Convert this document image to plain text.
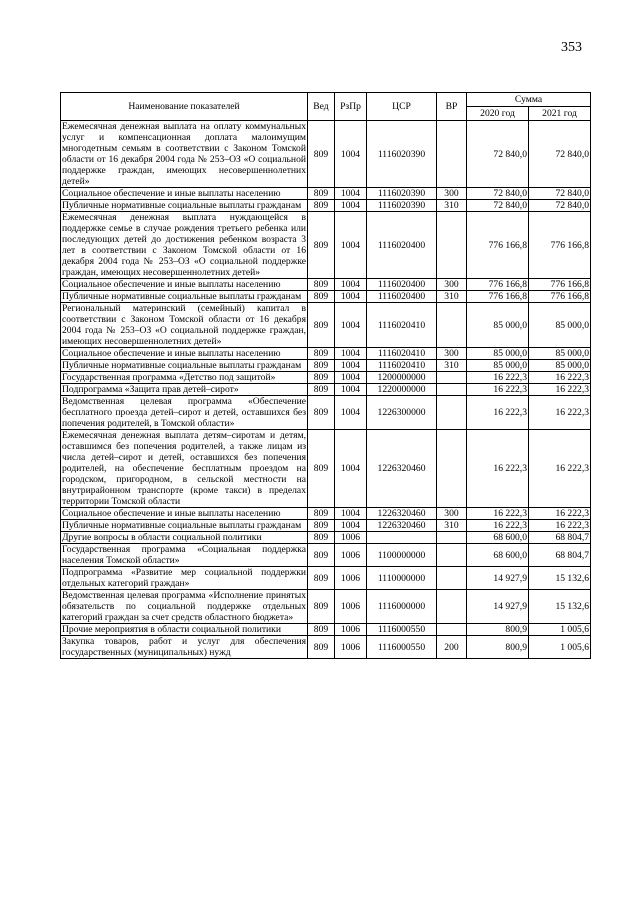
353
Наименование показателей	Вед	РзПр	ЦСР	ВР	Сумма	
					2020 год	2021 год
Ежемесячная денежная выплата на оплату коммунальных услуг и компенсационная доплата малоимущим многодетным семьям в соответствии с Законом Томской области от 16 декабря 2004 года № 253–ОЗ «О социальной поддержке граждан, имеющих несовершеннолетних детей»	809	1004	1116020390		72 840,0	72 840,0
Социальное обеспечение и иные выплаты населению	809	1004	1116020390	300	72 840,0	72 840,0
Публичные нормативные социальные выплаты гражданам	809	1004	1116020390	310	72 840,0	72 840,0
Ежемесячная денежная выплата нуждающейся в поддержке семье в случае рождения третьего ребенка или последующих детей до достижения ребенком возраста 3 лет в соответствии с Законом Томской области от 16 декабря 2004 года № 253–ОЗ «О социальной поддержке граждан, имеющих несовершеннолетних детей»	809	1004	1116020400		776 166,8	776 166,8
Социальное обеспечение и иные выплаты населению	809	1004	1116020400	300	776 166,8	776 166,8
Публичные нормативные социальные выплаты гражданам	809	1004	1116020400	310	776 166,8	776 166,8
Региональный материнский (семейный) капитал в соответствии с Законом Томской области от 16 декабря 2004 года № 253–ОЗ «О социальной поддержке граждан, имеющих несовершеннолетних детей»	809	1004	1116020410		85 000,0	85 000,0
Социальное обеспечение и иные выплаты населению	809	1004	1116020410	300	85 000,0	85 000,0
Публичные нормативные социальные выплаты гражданам	809	1004	1116020410	310	85 000,0	85 000,0
Государственная программа «Детство под защитой»	809	1004	1200000000		16 222,3	16 222,3
Подпрограмма «Защита прав детей–сирот»	809	1004	1220000000		16 222,3	16 222,3
Ведомственная целевая программа «Обеспечение бесплатного проезда детей–сирот и детей, оставшихся без попечения родителей, в Томской области»	809	1004	1226300000		16 222,3	16 222,3
Ежемесячная денежная выплата детям–сиротам и детям, оставшимся без попечения родителей, а также лицам из числа детей–сирот и детей, оставшихся без попечения родителей, на обеспечение бесплатным проездом на городском, пригородном, в сельской местности на внутрирайонном транспорте (кроме такси) в пределах территории Томской области	809	1004	1226320460		16 222,3	16 222,3
Социальное обеспечение и иные выплаты населению	809	1004	1226320460	300	16 222,3	16 222,3
Публичные нормативные социальные выплаты гражданам	809	1004	1226320460	310	16 222,3	16 222,3
Другие вопросы в области социальной политики	809	1006			68 600,0	68 804,7
Государственная программа «Социальная поддержка населения Томской области»	809	1006	1100000000		68 600,0	68 804,7
Подпрограмма «Развитие мер социальной поддержки отдельных категорий граждан»	809	1006	1110000000		14 927,9	15 132,6
Ведомственная целевая программа «Исполнение принятых обязательств по социальной поддержке отдельных категорий граждан за счет средств областного бюджета»	809	1006	1116000000		14 927,9	15 132,6
Прочие мероприятия в области социальной политики	809	1006	1116000550		800,9	1 005,6
Закупка товаров, работ и услуг для обеспечения государственных (муниципальных) нужд	809	1006	1116000550	200	800,9	1 005,6
